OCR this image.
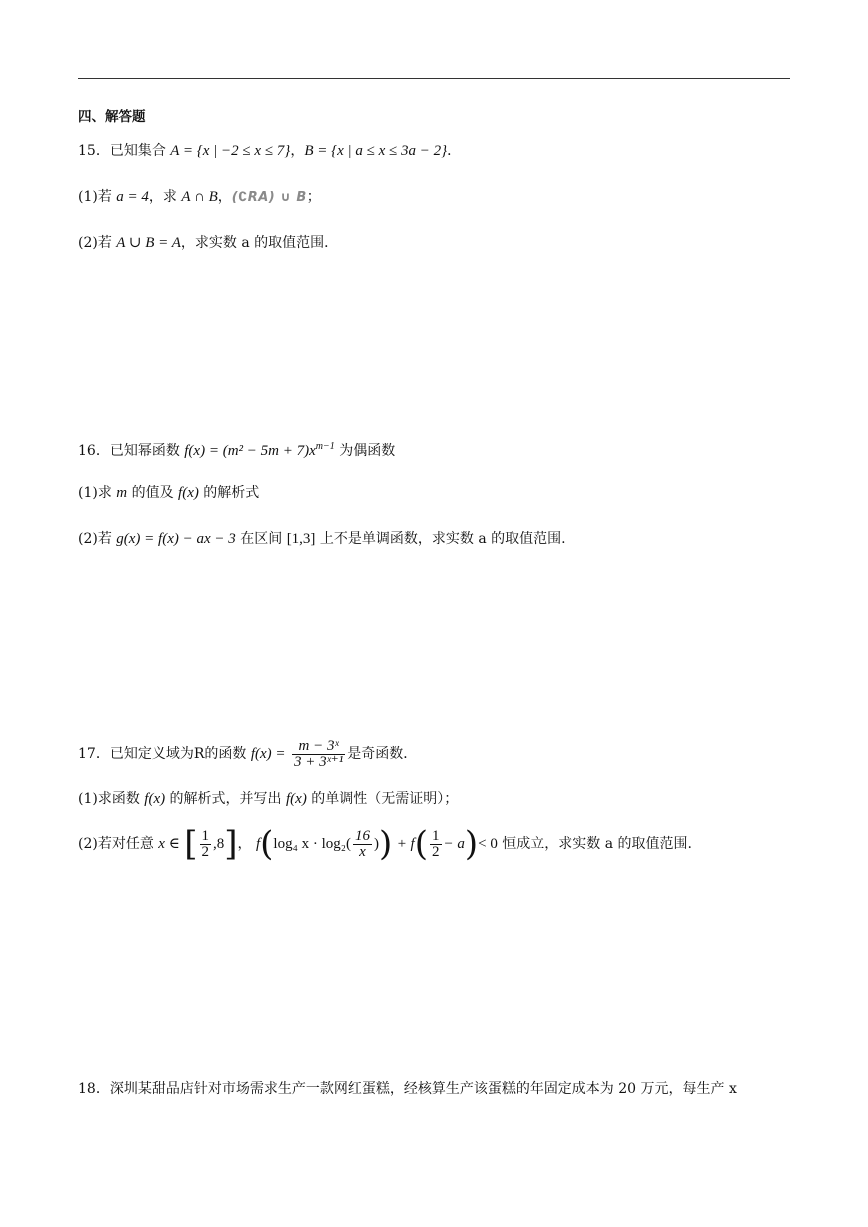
四、解答题
15．已知集合 A = {x | −2 ≤ x ≤ 7}，B = {x | a ≤ x ≤ 3a − 2}．
(1)若 a = 4，求 A ∩ B，(∁RA) ∪ B；
(2)若 A ∪ B = A，求实数 a 的取值范围．
16．已知幂函数 $f(x) = (m^2 - 5m + 7)x^{m-1}$ 为偶函数
(1)求 m 的值及 f(x) 的解析式
(2)若 g(x) = f(x) − ax − 3 在区间 [1,3] 上不是单调函数，求实数 a 的取值范围.
17．已知定义域为R的函数 $f(x) = \frac{\text{m − 3ˣ}}{\text{3 + 3ˣ⁺¹}}$ 是奇函数．
(1)求函数 f(x) 的解析式，并写出 f(x) 的单调性（无需证明）；
(2)若对任意 x ∈ [ $\frac{1}{2} ,8$]， f(log₄ $x \cdot \log_2( \frac{16}{x}$ )) + $f( \frac{1}{2} - a)< 0$ 恒成立，求实数 a 的取值范围.
18．深圳某甜品店针对市场需求生产一款网红蛋糕，经核算生产该蛋糕的年固定成本为 20 万元，每生产 x
